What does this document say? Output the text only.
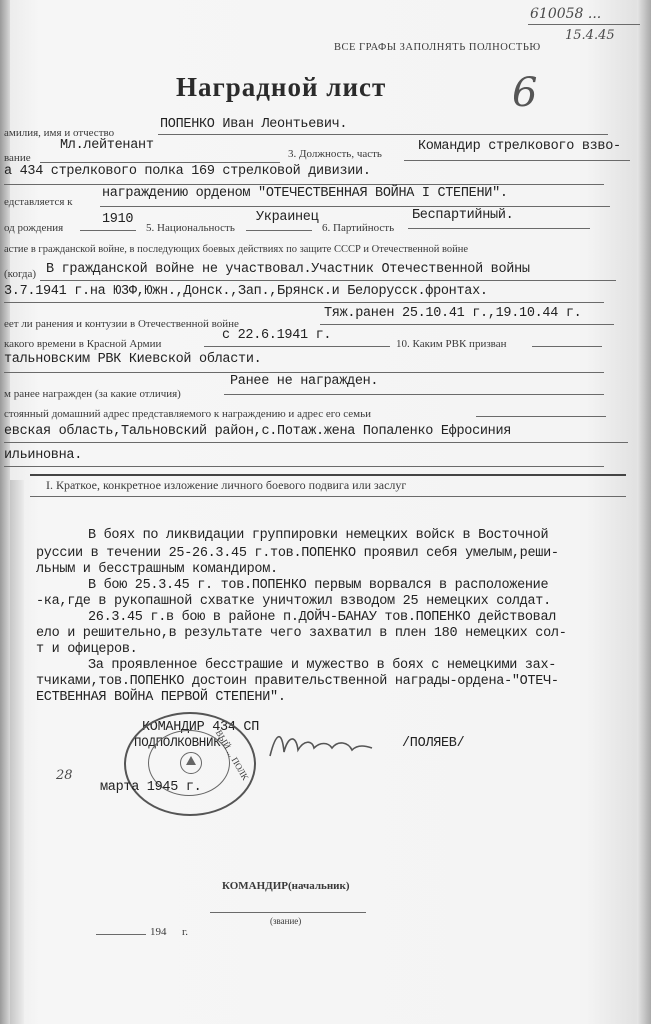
610058 ...
15.4.45
ВСЕ ГРАФЫ ЗАПОЛНЯТЬ ПОЛНОСТЬЮ
6
Наградной лист
амилия, имя и отчество
ПОПЕНКО Иван Леонтьевич.
вание
Мл.лейтенант
3. Должность, часть	Командир стрелкового взво-
а 434 стрелкового полка 169 стрелковой дивизии.
едставляется к
награждению орденом "ОТЕЧЕСТВЕННАЯ ВОЙНА I СТЕПЕНИ".
од рождения
1910
5. Национальность
Украинец
6. Партийность
Беспартийный.
астие в гражданской войне, в последующих боевых действиях по защите СССР и Отечественной войне
(когда) В гражданской войне не участвовал.Участник Отечественной войны
3.7.1941 г.на Ю3Ф,Южн.,Донск.,Зап.,Брянск.и Белорусск.фронтах.
еет ли ранения и контузии в Отечественной войне
Тяж.ранен 25.10.41 г.,19.10.44 г.
какого времени в Красной Армии
с 22.6.1941 г.
10. Каким РВК призван
тальновским РВК Киевской области.
м ранее награжден (за какие отличия)
Ранее не награжден.
стоянный домашний адрес представляемого к награждению и адрес его семьи
евская область,Тальновский район,с.Потаж.жена Попаленко Ефросиния
ильиновна.
I. Краткое, конкретное изложение личного боевого подвига или заслуг
В боях по ликвидации группировки немецких войск в Восточной
руссии в течении 25-26.3.45 г.тов.ПОПЕНКО проявил себя умелым,реши-
льным и бесстрашным командиром.
В бою 25.3.45 г. тов.ПОПЕНКО первым ворвался в расположение
-ка,где в рукопашной схватке уничтожил взводом 25 немецких солдат.
26.3.45 г.в бою в районе п.ДОЙЧ-БАНАУ тов.ПОПЕНКО действовал
ело и решительно,в результате чего захватил в плен 180 немецких сол-
т и офицеров.
За проявленное бесстрашие и мужество в боях с немецкими зах-
тчиками,тов.ПОПЕНКО достоин правительственной награды-ордена-"ОТЕЧ-
ЕСТВЕННАЯ ВОЙНА ПЕРВОЙ СТЕПЕНИ".
КОМАНДИР 434 СП
ПОДПОЛКОВНИК	/ПОЛЯЕВ/
ВЫЙ ... ПОЛК
28
марта 1945 г.
КОМАНДИР(начальник)
(звание)
194 г.
